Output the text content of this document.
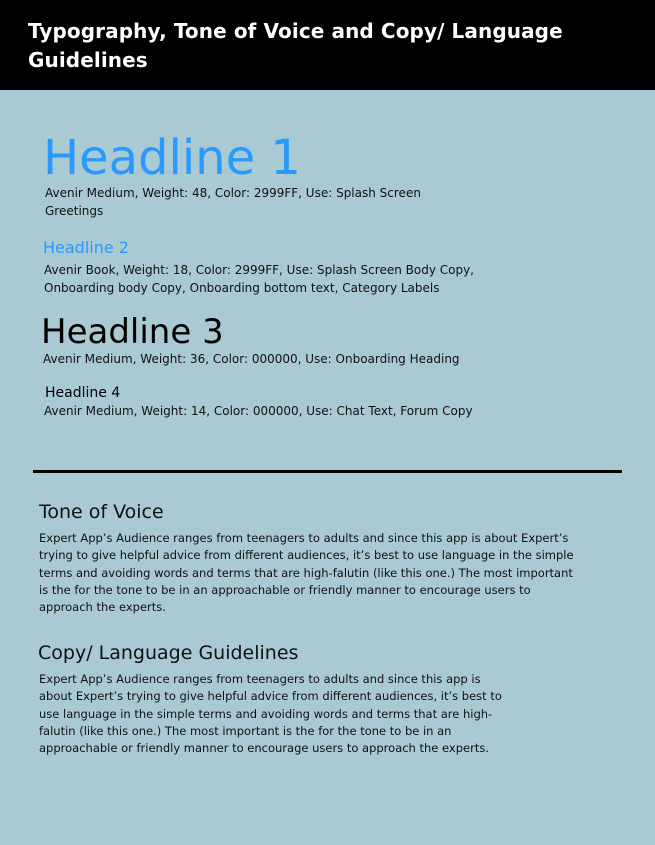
Typography, Tone of Voice and Copy/ Language Guidelines
Headline 1
Avenir Medium, Weight: 48, Color: 2999FF, Use: Splash Screen Greetings
Headline 2
Avenir Book, Weight: 18, Color: 2999FF, Use: Splash Screen Body Copy, Onboarding body Copy, Onboarding bottom text, Category Labels
Headline 3
Avenir Medium, Weight: 36, Color: 000000, Use: Onboarding Heading
Headline 4
Avenir Medium, Weight: 14, Color: 000000, Use: Chat Text, Forum Copy
Tone of Voice
Expert App’s Audience ranges from teenagers to adults and since this app is about Expert’s trying to give helpful advice from different audiences, it’s best to use language in the simple terms and avoiding words and terms that are high-falutin (like this one.) The most important is the for the tone to be in an approachable or friendly manner to encourage users to approach the experts.
Copy/ Language Guidelines
Expert App’s Audience ranges from teenagers to adults and since this app is about Expert’s trying to give helpful advice from different audiences, it’s best to use language in the simple terms and avoiding words and terms that are high-falutin (like this one.) The most important is the for the tone to be in an approachable or friendly manner to encourage users to approach the experts.
